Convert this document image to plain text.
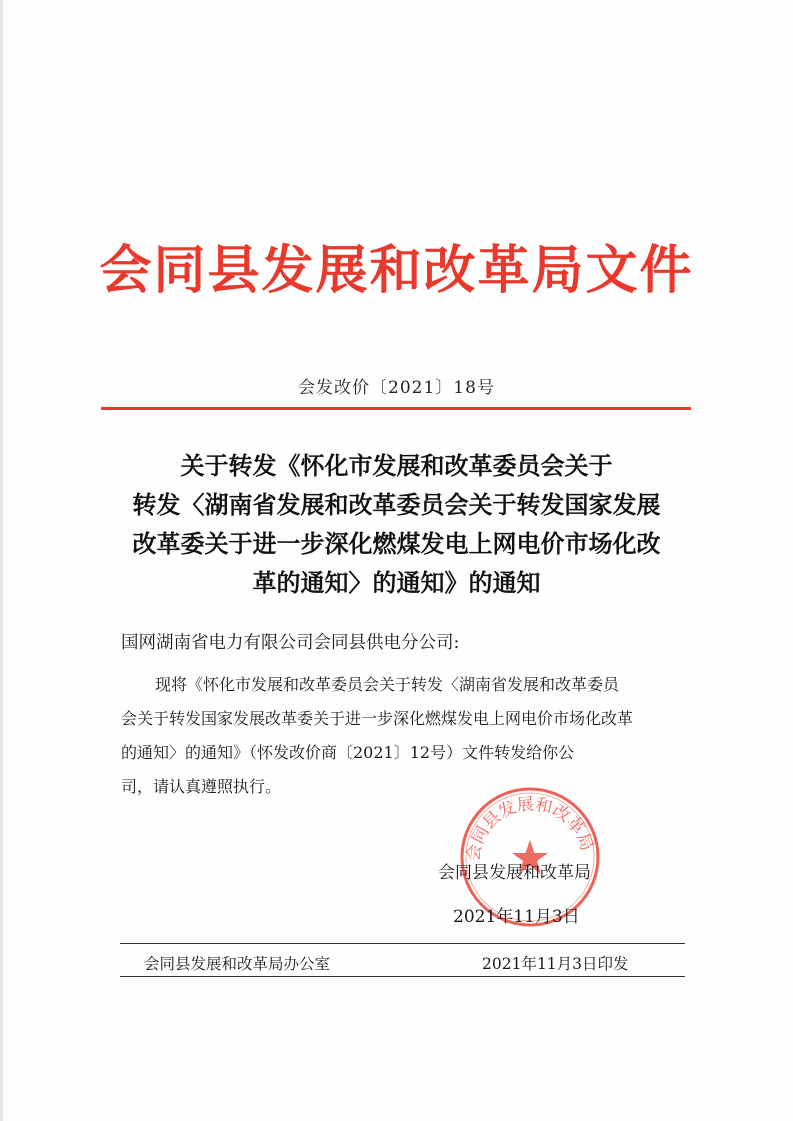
会同县发展和改革局文件
会发改价〔2021〕18号
关于转发《怀化市发展和改革委员会关于
转发〈湖南省发展和改革委员会关于转发国家发展
改革委关于进一步深化燃煤发电上网电价市场化改
革的通知〉的通知》的通知
国网湖南省电力有限公司会同县供电分公司:
现将《怀化市发展和改革委员会关于转发〈湖南省发展和改革委员
会关于转发国家发展改革委关于进一步深化燃煤发电上网电价市场化改革
的通知〉的通知》（怀发改价商〔2021〕12号）文件转发给你公
司，请认真遵照执行。
会同县发展和改革局
会同县发展和改革局
2021年11月3日
会同县发展和改革局办公室	2021年11月3日印发
